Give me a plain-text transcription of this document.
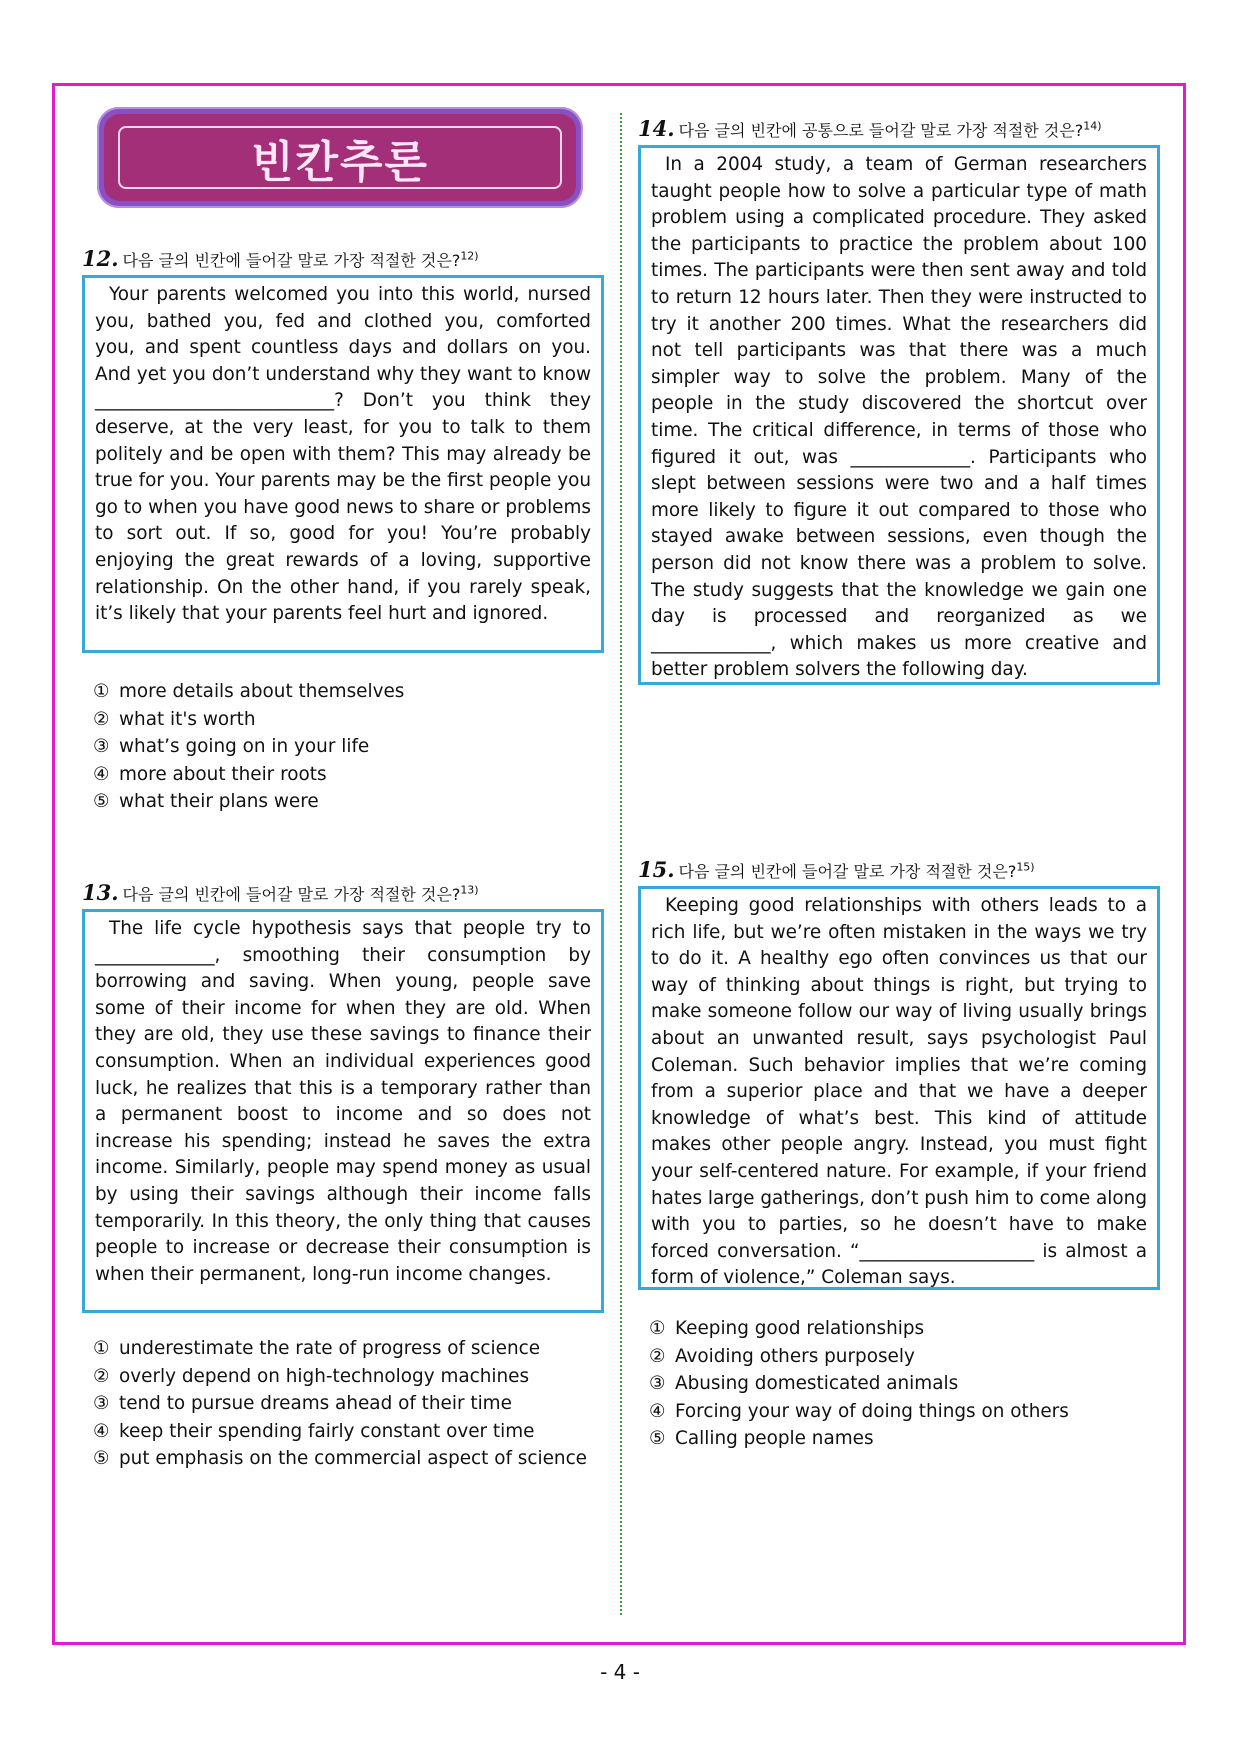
빈칸추론
12. 다음 글의 빈칸에 들어갈 말로 가장 적절한 것은?$^{12)}$

Your parents welcomed you into this world, nursed you, bathed you, fed and clothed you, comforted you, and spent countless days and dollars on you. And yet you don’t understand why they want to know __________________________? Don’t you think they deserve, at the very least, for you to talk to them politely and be open with them? This may already be true for you. Your parents may be the first people you go to when you have good news to share or problems to sort out. If so, good for you! You’re probably enjoying the great rewards of a loving, supportive relationship. On the other hand, if you rarely speak, it’s likely that your parents feel hurt and ignored.

① more details about themselves
② what it's worth
③ what’s going on in your life
④ more about their roots
⑤ what their plans were
13. 다음 글의 빈칸에 들어갈 말로 가장 적절한 것은?$^{13)}$

The life cycle hypothesis says that people try to _____________, smoothing their consumption by borrowing and saving. When young, people save some of their income for when they are old. When they are old, they use these savings to finance their consumption. When an individual experiences good luck, he realizes that this is a temporary rather than a permanent boost to income and so does not increase his spending; instead he saves the extra income. Similarly, people may spend money as usual by using their savings although their income falls temporarily. In this theory, the only thing that causes people to increase or decrease their consumption is when their permanent, long-run income changes.

① underestimate the rate of progress of science
② overly depend on high-technology machines
③ tend to pursue dreams ahead of their time
④ keep their spending fairly constant over time
⑤ put emphasis on the commercial aspect of science
14. 다음 글의 빈칸에 공통으로 들어갈 말로 가장 적절한 것은?$^{14)}$

In a 2004 study, a team of German researchers taught people how to solve a particular type of math problem using a complicated procedure. They asked the participants to practice the problem about 100 times. The participants were then sent away and told to return 12 hours later. Then they were instructed to try it another 200 times. What the researchers did not tell participants was that there was a much simpler way to solve the problem. Many of the people in the study discovered the shortcut over time. The critical difference, in terms of those who figured it out, was _____________. Participants who slept between sessions were two and a half times more likely to figure it out compared to those who stayed awake between sessions, even though the person did not know there was a problem to solve. The study suggests that the knowledge we gain one day is processed and reorganized as we _____________, which makes us more creative and better problem solvers the following day.

15. 다음 글의 빈칸에 들어갈 말로 가장 적절한 것은?$^{15)}$

Keeping good relationships with others leads to a rich life, but we’re often mistaken in the ways we try to do it. A healthy ego often convinces us that our way of thinking about things is right, but trying to make someone follow our way of living usually brings about an unwanted result, says psychologist Paul Coleman. Such behavior implies that we’re coming from a superior place and that we have a deeper knowledge of what’s best. This kind of attitude makes other people angry. Instead, you must fight your self-centered nature. For example, if your friend hates large gatherings, don’t push him to come along with you to parties, so he doesn’t have to make forced conversation. “___________________ is almost a form of violence,” Coleman says.

① Keeping good relationships
② Avoiding others purposely
③ Abusing domesticated animals
④ Forcing your way of doing things on others
⑤ Calling people names
- 4 -
